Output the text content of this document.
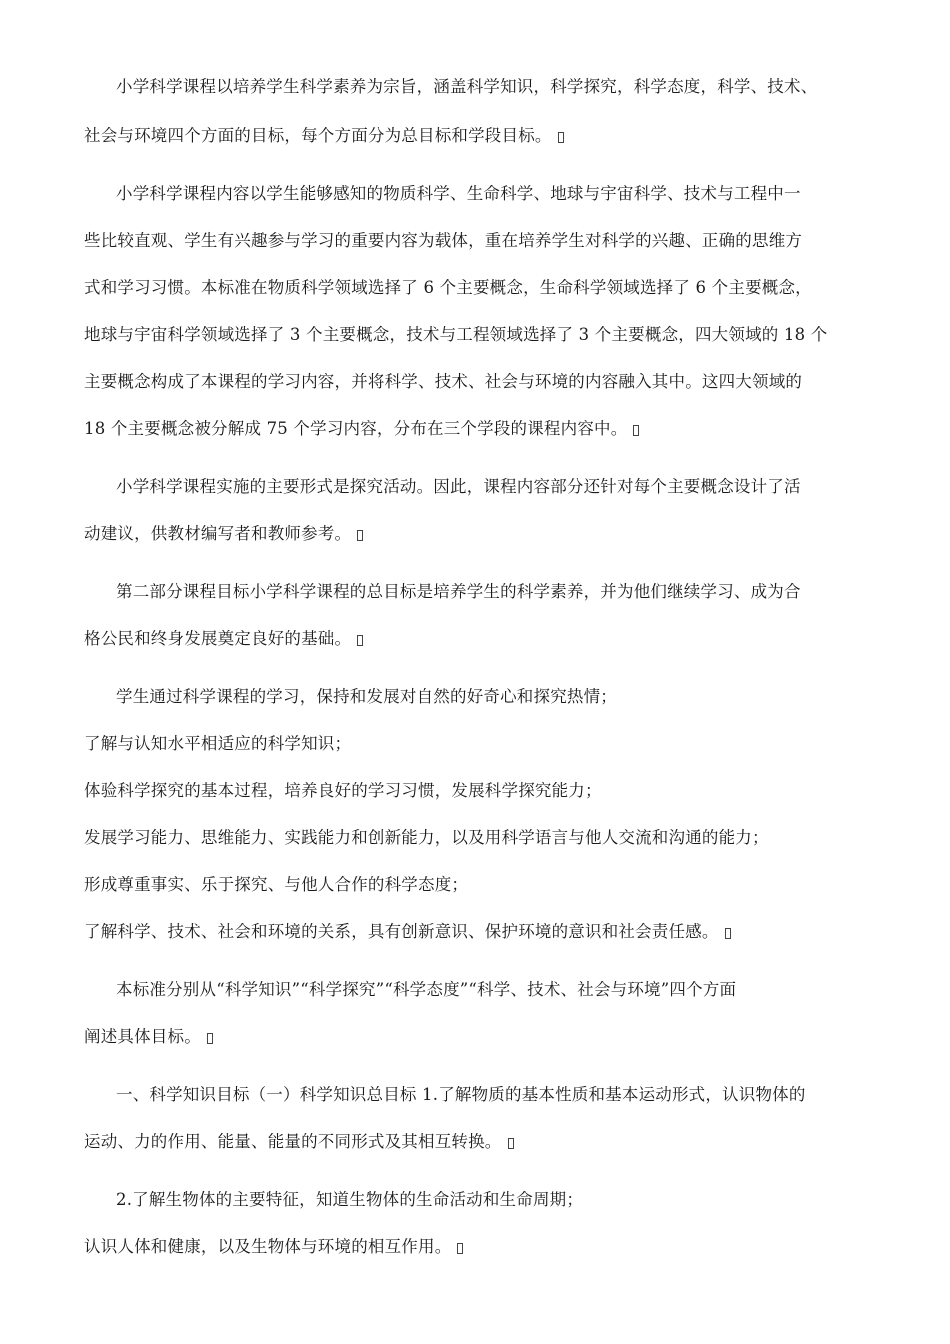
小学科学课程以培养学生科学素养为宗旨，涵盖科学知识，科学探究，科学态度，科学、技术、
社会与环境四个方面的目标，每个方面分为总目标和学段目标。
小学科学课程内容以学生能够感知的物质科学、生命科学、地球与宇宙科学、技术与工程中一
些比较直观、学生有兴趣参与学习的重要内容为载体，重在培养学生对科学的兴趣、正确的思维方
式和学习习惯。本标准在物质科学领域选择了 6 个主要概念，生命科学领域选择了 6 个主要概念，
地球与宇宙科学领域选择了 3 个主要概念，技术与工程领域选择了 3 个主要概念，四大领域的 18 个
主要概念构成了本课程的学习内容，并将科学、技术、社会与环境的内容融入其中。这四大领域的
18 个主要概念被分解成 75 个学习内容，分布在三个学段的课程内容中。
小学科学课程实施的主要形式是探究活动。因此，课程内容部分还针对每个主要概念设计了活
动建议，供教材编写者和教师参考。
第二部分课程目标小学科学课程的总目标是培养学生的科学素养，并为他们继续学习、成为合
格公民和终身发展奠定良好的基础。
学生通过科学课程的学习，保持和发展对自然的好奇心和探究热情；
了解与认知水平相适应的科学知识；
体验科学探究的基本过程，培养良好的学习习惯，发展科学探究能力；
发展学习能力、思维能力、实践能力和创新能力，以及用科学语言与他人交流和沟通的能力；
形成尊重事实、乐于探究、与他人合作的科学态度；
了解科学、技术、社会和环境的关系，具有创新意识、保护环境的意识和社会责任感。
本标准分别从“科学知识”“科学探究”“科学态度”“科学、技术、社会与环境”四个方面
阐述具体目标。
一、科学知识目标（一）科学知识总目标 1.了解物质的基本性质和基本运动形式，认识物体的
运动、力的作用、能量、能量的不同形式及其相互转换。
2.了解生物体的主要特征，知道生物体的生命活动和生命周期；
认识人体和健康，以及生物体与环境的相互作用。
